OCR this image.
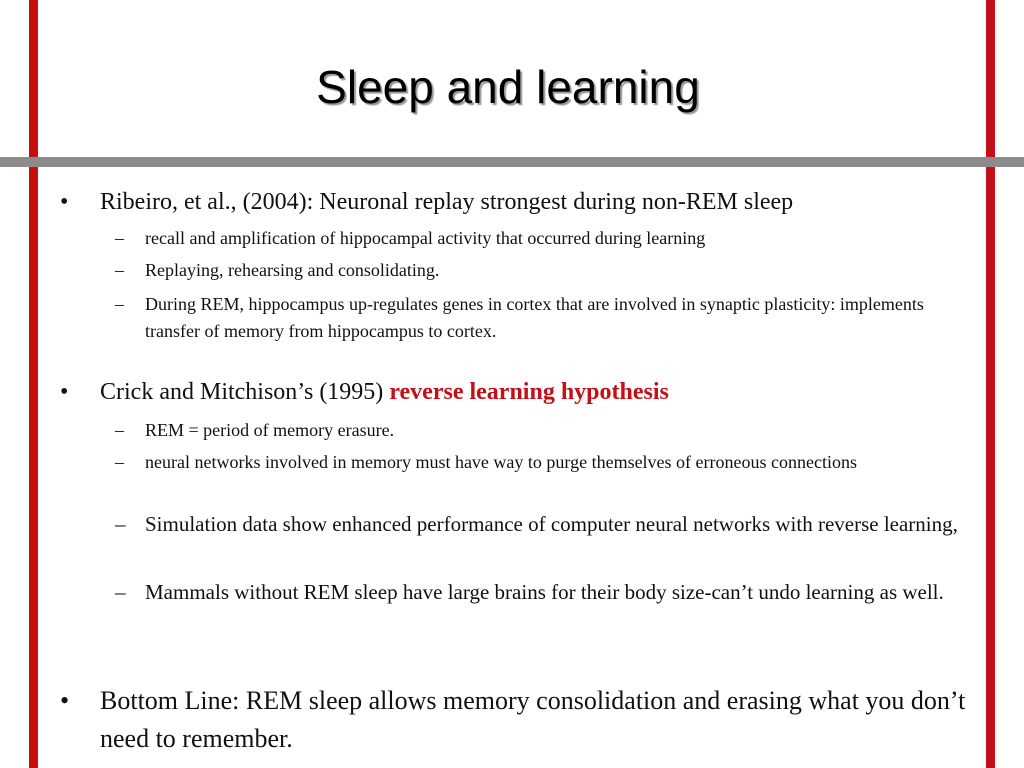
Sleep and learning
• Ribeiro, et al., (2004): Neuronal replay strongest during non-REM sleep
– recall and amplification of hippocampal activity that occurred during learning
– Replaying, rehearsing and consolidating.
– During REM, hippocampus up-regulates genes in cortex that are involved in synaptic plasticity: implements transfer of memory from hippocampus to cortex.
• Crick and Mitchison’s (1995) reverse learning hypothesis
– REM = period of memory erasure.
– neural networks involved in memory must have way to purge themselves of erroneous connections
– Simulation data show enhanced performance of computer neural networks with reverse learning,
– Mammals without REM sleep have large brains for their body size-can’t undo learning as well.
• Bottom Line: REM sleep allows memory consolidation and erasing what you don’t need to remember.
